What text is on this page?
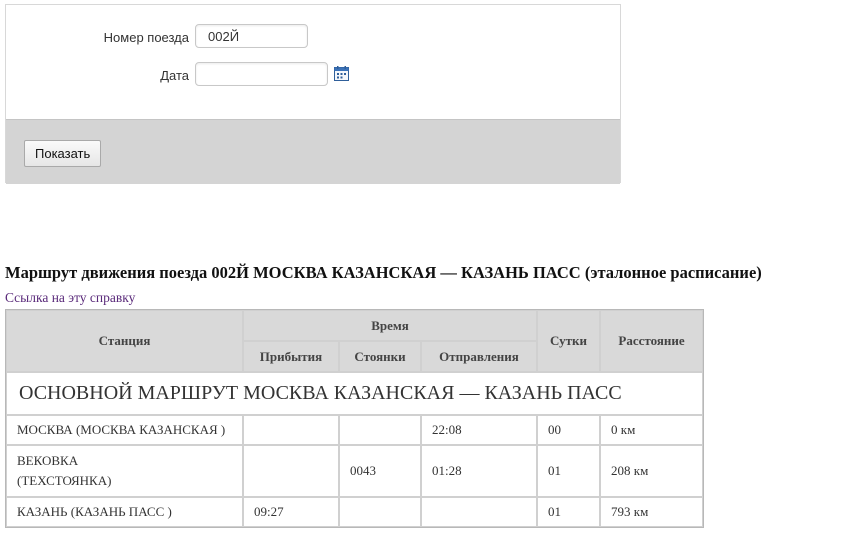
Номер поезда
002Й
Дата
Показать
Маршрут движения поезда 002Й МОСКВА КАЗАНСКАЯ — КАЗАНЬ ПАСС (эталонное расписание)
Ссылка на эту справку
Станция	Время			Сутки	Расстояние
	Прибытия	Стоянки	Отправления		
ОСНОВНОЙ МАРШРУТ МОСКВА КАЗАНСКАЯ — КАЗАНЬ ПАСС					
МОСКВА (МОСКВА КАЗАНСКАЯ )			22:08	00	0 км
ВЕКОВКА
(ТЕХСТОЯНКА)		0043	01:28	01	208 км
КАЗАНЬ (КАЗАНЬ ПАСС )	09:27			01	793 км
